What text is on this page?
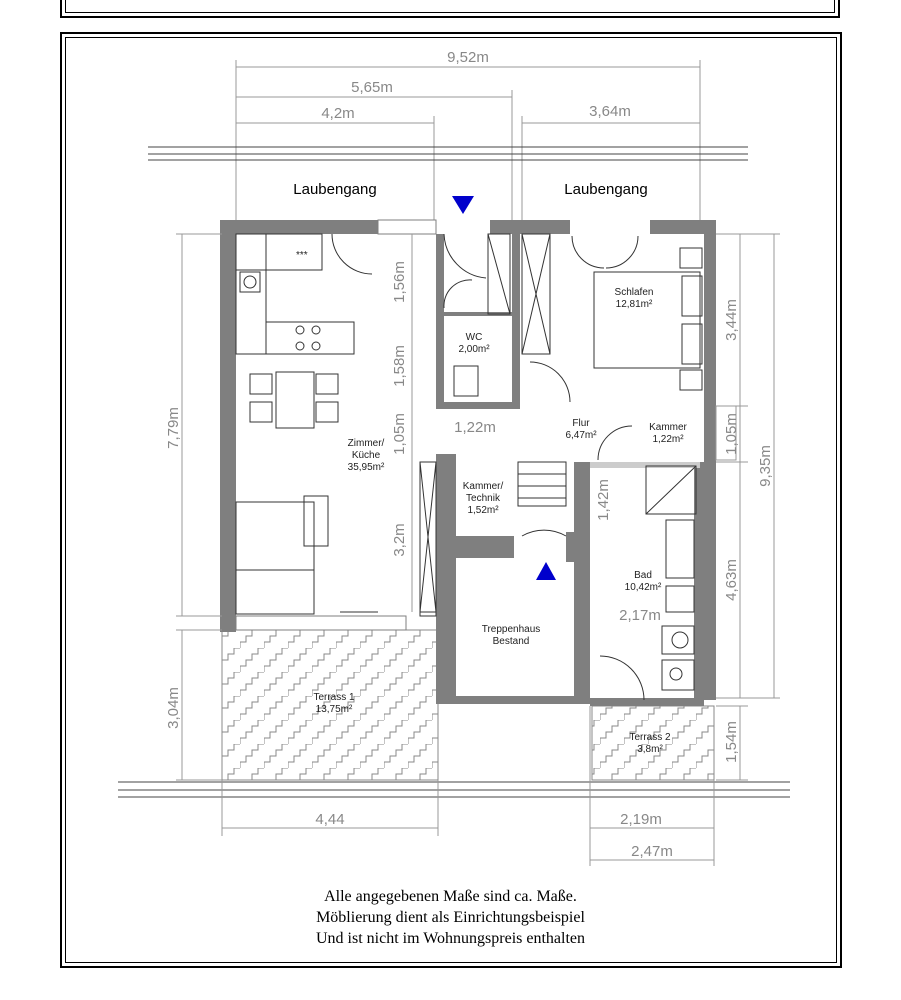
9,52m
5,65m
4,2m	3,64m
Laubengang	Laubengang
***
7,79m
3,04m
1,56m
1,58m
1,05m
3,2m
1,22m
1,42m
2,17m
3,44m
1,05m
9,35m
4,63m
1,54m
4,44	2,19m
2,47m
Schlafen
12,81m²
WC
2,00m²
Flur
6,47m²
Kammer
1,22m²
Zimmer/
Küche
35,95m²
Kammer/
Technik
1,52m²
Bad
10,42m²
Treppenhaus
Bestand
Terrass 1
13,75m²
Terrass 2
3,8m²
Alle angegebenen Maße sind ca. Maße.
Möblierung dient als Einrichtungsbeispiel
Und ist nicht im Wohnungspreis enthalten
